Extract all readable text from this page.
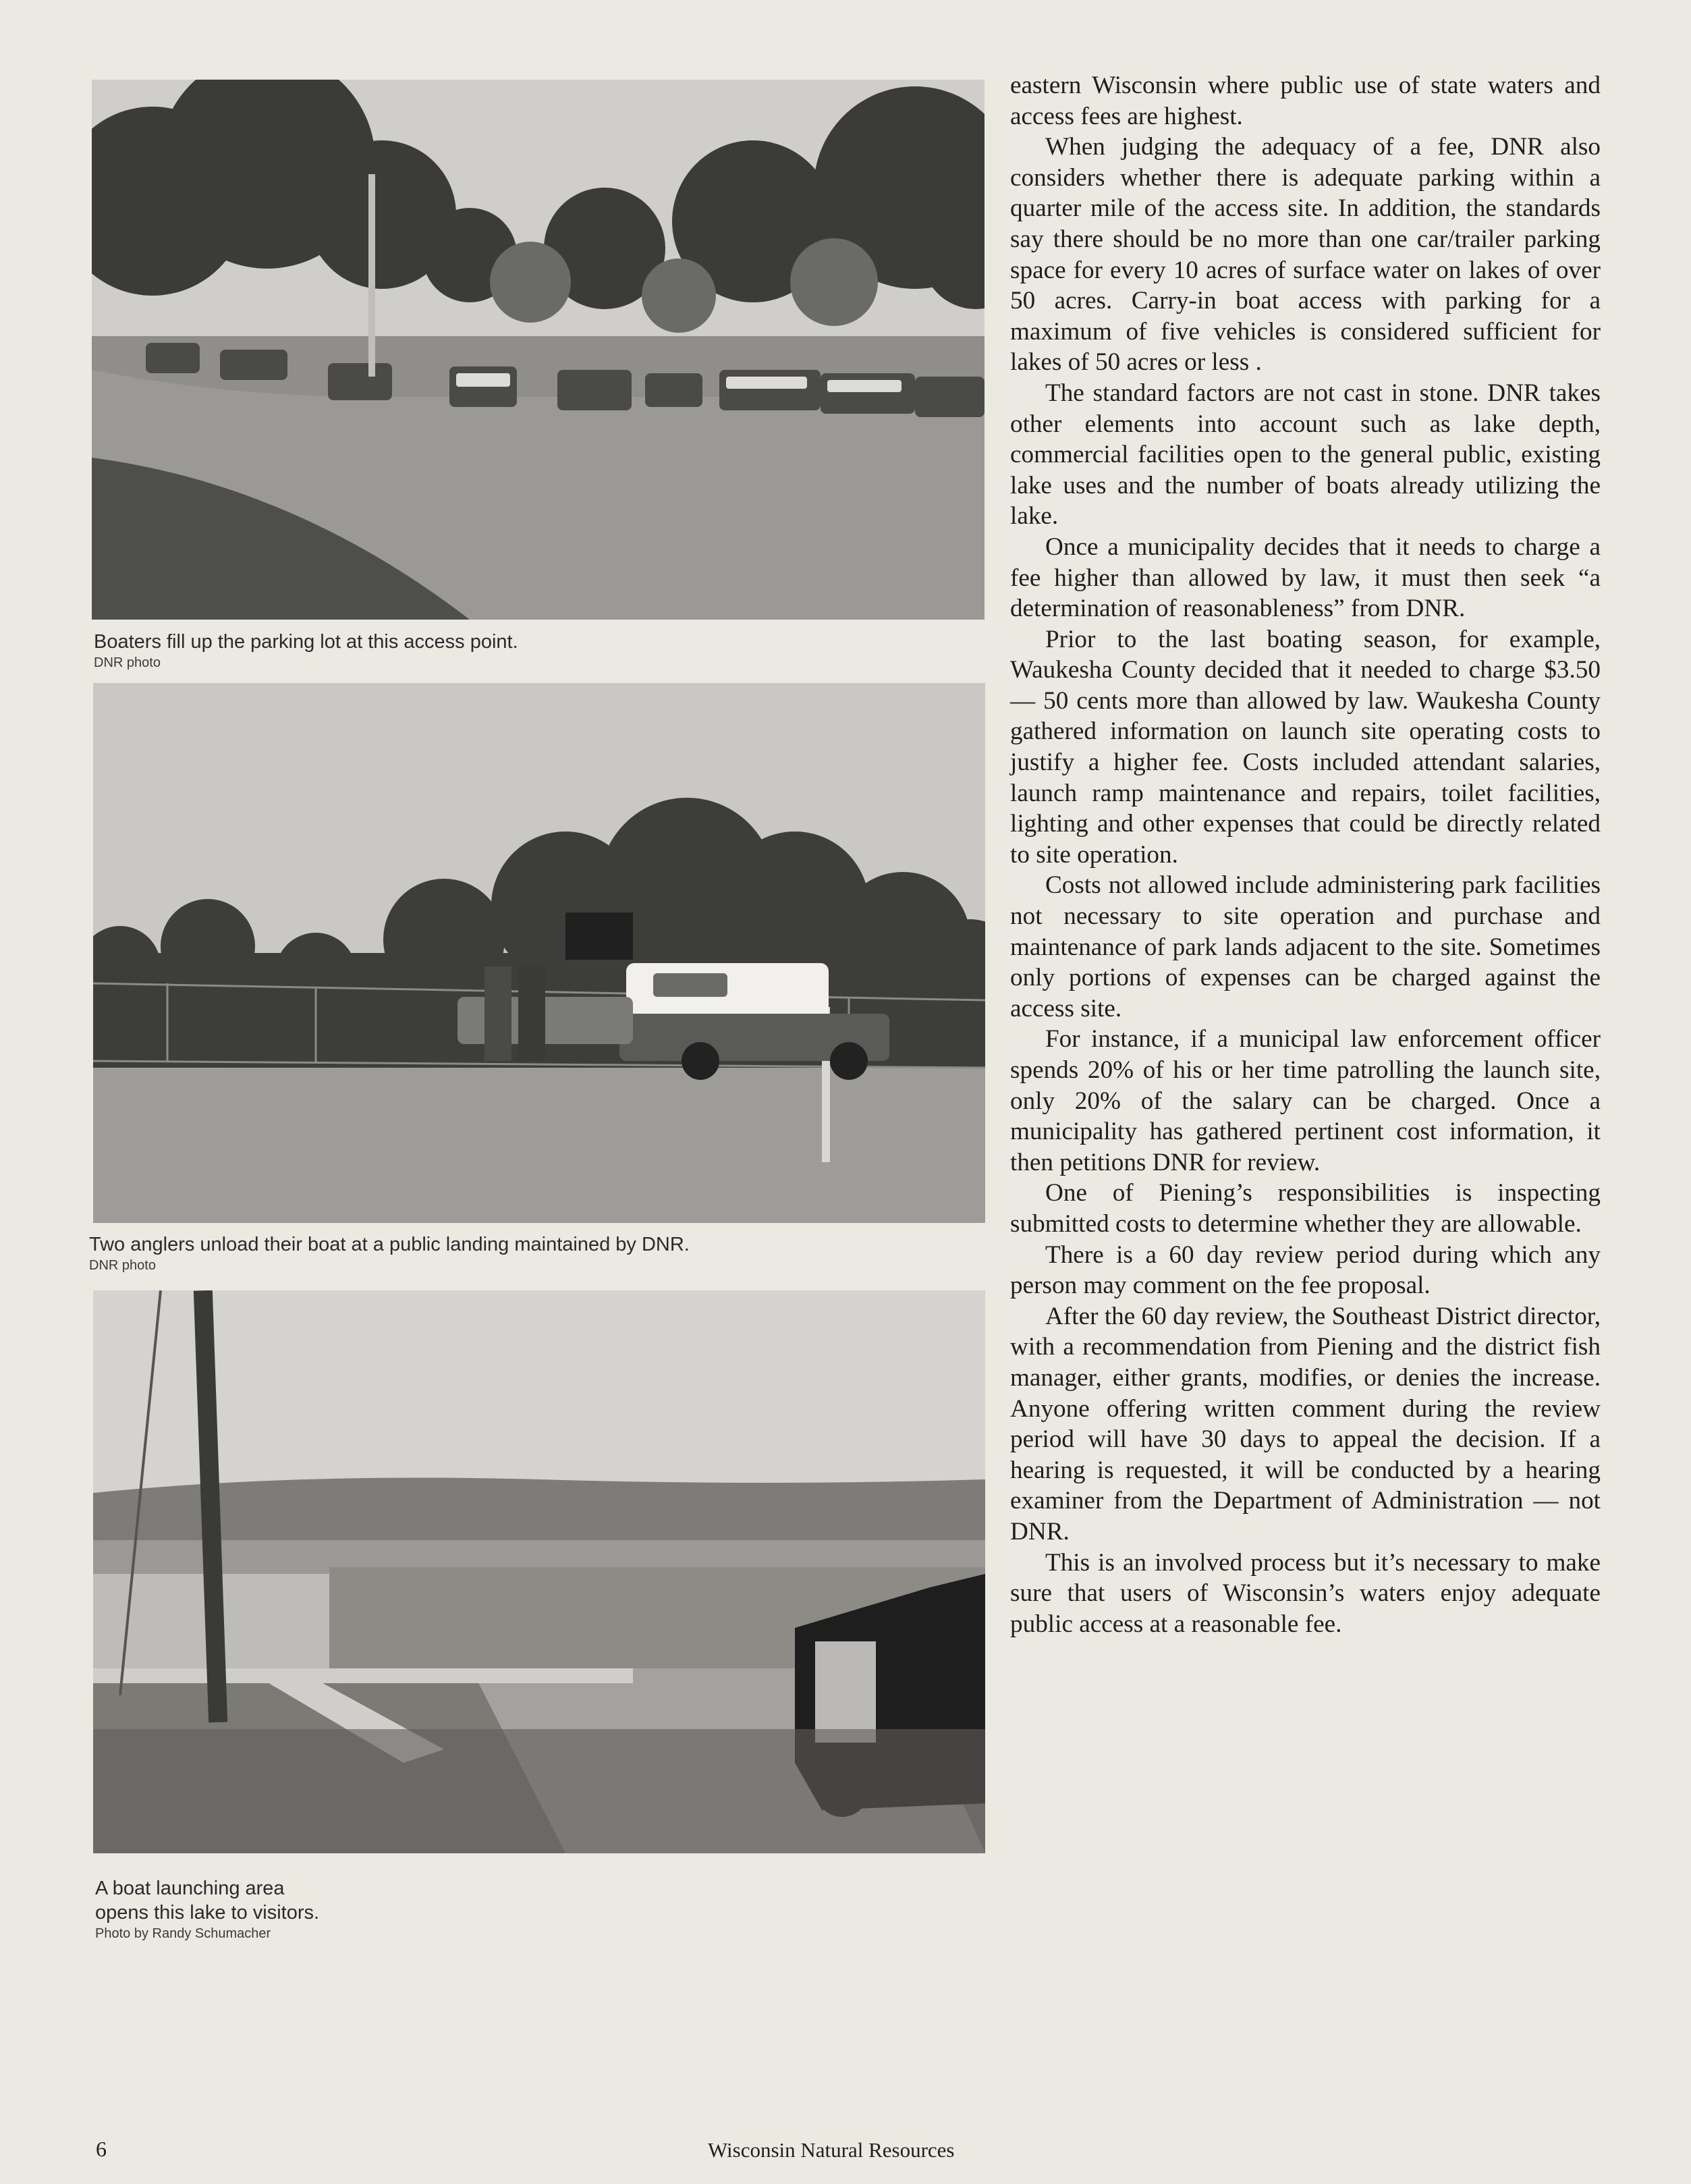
Boaters fill up the parking lot at this access point.
DNR photo
Two anglers unload their boat at a public landing maintained by DNR.
DNR photo
A boat launching area
opens this lake to visitors.
Photo by Randy Schumacher

eastern Wisconsin where public use of state waters and access fees are highest.

When judging the adequacy of a fee, DNR also considers whether there is adequate parking within a quarter mile of the access site. In addition, the standards say there should be no more than one car/trailer parking space for every 10 acres of surface water on lakes of over 50 acres. Carry-in boat access with parking for a maximum of five vehicles is considered sufficient for lakes of 50 acres or less .

The standard factors are not cast in stone. DNR takes other elements into account such as lake depth, commercial facilities open to the general public, existing lake uses and the number of boats already utilizing the lake.

Once a municipality decides that it needs to charge a fee higher than allowed by law, it must then seek “a determination of reasonableness” from DNR.

Prior to the last boating season, for example, Waukesha County decided that it needed to charge $3.50 — 50 cents more than allowed by law. Waukesha County gathered information on launch site operating costs to justify a higher fee. Costs included attendant salaries, launch ramp maintenance and repairs, toilet facilities, lighting and other expenses that could be directly related to site operation.

Costs not allowed include administering park facilities not necessary to site operation and purchase and maintenance of park lands adjacent to the site. Sometimes only portions of expenses can be charged against the access site.

For instance, if a municipal law enforcement officer spends 20% of his or her time patrolling the launch site, only 20% of the salary can be charged. Once a municipality has gathered pertinent cost information, it then petitions DNR for review.

One of Piening’s responsibilities is inspecting submitted costs to determine whether they are allowable.

There is a 60 day review period during which any person may comment on the fee proposal.

After the 60 day review, the Southeast District director, with a recommendation from Piening and the district fish manager, either grants, modifies, or denies the increase. Anyone offering written comment during the review period will have 30 days to appeal the decision. If a hearing is requested, it will be conducted by a hearing examiner from the Department of Administration — not DNR.

This is an involved process but it’s necessary to make sure that users of Wisconsin’s waters enjoy adequate public access at a reasonable fee.

6	Wisconsin Natural Resources
